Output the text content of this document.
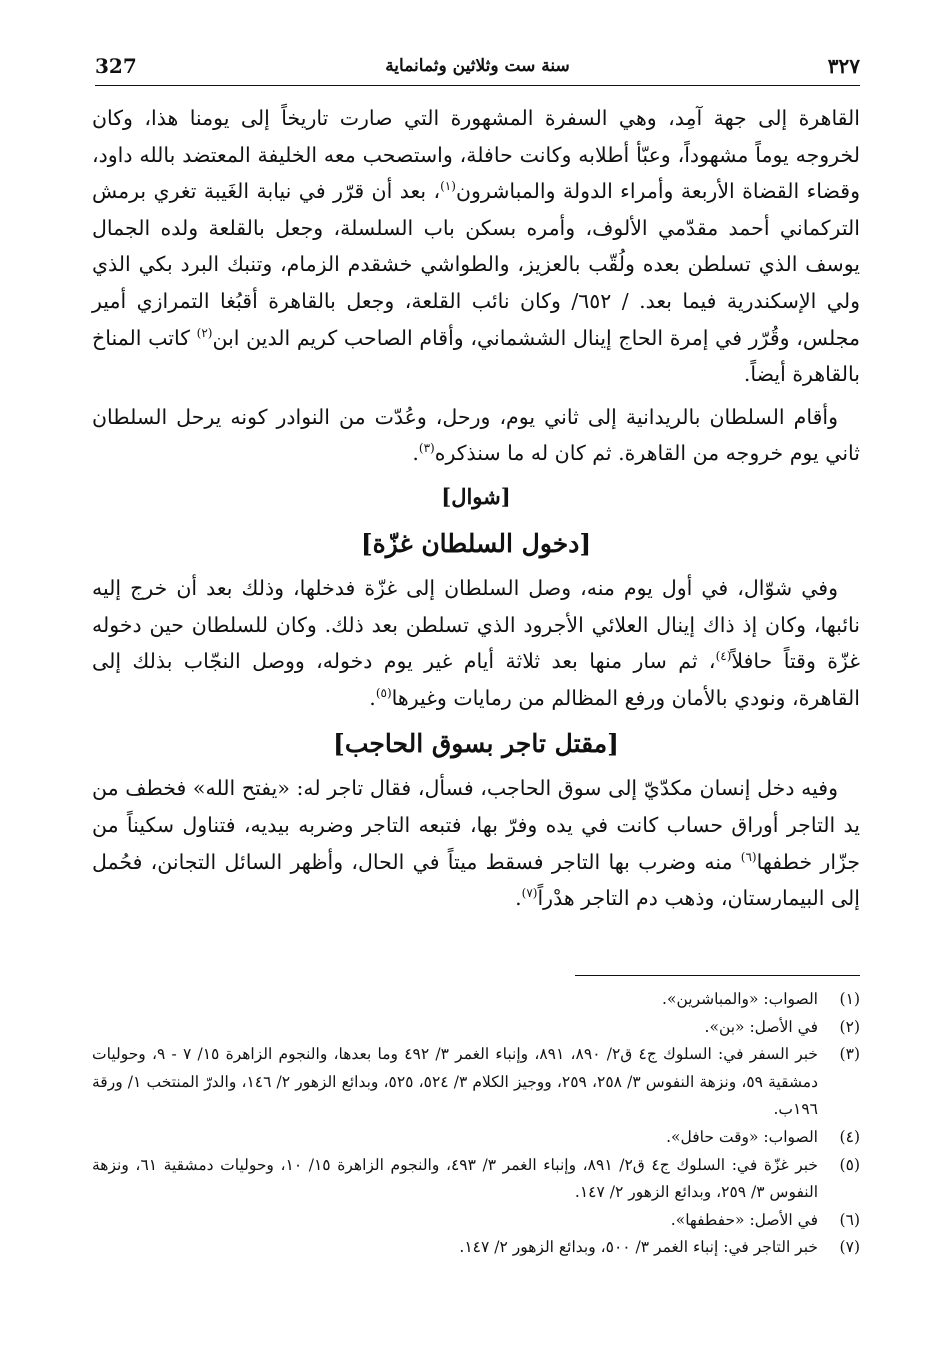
327	سنة ست وثلاثين وثمانماية	٣٢٧

القاهرة إلى جهة آمِد، وهي السفرة المشهورة التي صارت تاريخاً إلى يومنا هذا، وكان لخروجه يوماً مشهوداً، وعبّأ أطلابه وكانت حافلة، واستصحب معه الخليفة المعتضد بالله داود، وقضاء القضاة الأربعة وأمراء الدولة والمباشرون$^{(١)}$، بعد أن قرّر في نيابة الغَيبة تغري برمش التركماني أحمد مقدّمي الألوف، وأمره بسكن باب السلسلة، وجعل بالقلعة ولده الجمال يوسف الذي تسلطن بعده ولُقّب بالعزيز، والطواشي خشقدم الزمام، وتنبك البرد بكي الذي ولي الإسكندرية فيما بعد. / ٦٥٢/ وكان نائب القلعة، وجعل بالقاهرة أقبُغا التمرازي أمير مجلس، وقُرّر في إمرة الحاج إينال الششماني، وأقام الصاحب كريم الدين ابن$^{(٢)}$ كاتب المناخ بالقاهرة أيضاً.

وأقام السلطان بالريدانية إلى ثاني يوم، ورحل، وعُدّت من النوادر كونه يرحل السلطان ثاني يوم خروجه من القاهرة. ثم كان له ما سنذكره$^{(٣)}$.

[شوال]
[دخول السلطان غزّة]

وفي شوّال، في أول يوم منه، وصل السلطان إلى غزّة فدخلها، وذلك بعد أن خرج إليه نائبها، وكان إذ ذاك إينال العلائي الأجرود الذي تسلطن بعد ذلك. وكان للسلطان حين دخوله غزّة وقتاً حافلاً$^{(٤)}$، ثم سار منها بعد ثلاثة أيام غير يوم دخوله، ووصل النجّاب بذلك إلى القاهرة، ونودي بالأمان ورفع المظالم من رمايات وغيرها$^{(٥)}$.

[مقتل تاجر بسوق الحاجب]

وفيه دخل إنسان مكدّيّ إلى سوق الحاجب، فسأل، فقال تاجر له: «يفتح الله» فخطف من يد التاجر أوراق حساب كانت في يده وفرّ بها، فتبعه التاجر وضربه بيديه، فتناول سكيناً من جزّار خطفها$^{(٦)}$ منه وضرب بها التاجر فسقط ميتاً في الحال، وأظهر السائل التجانن، فحُمل إلى البيمارستان، وذهب دم التاجر هدْراً$^{(٧)}$.

(١)
الصواب: «والمباشرين».
(٢)
في الأصل: «بن».
(٣)
خبر السفر في: السلوك ج٤ ق٢/ ٨٩٠، ٨٩١، وإنباء الغمر ٣/ ٤٩٢ وما بعدها، والنجوم الزاهرة ١٥/ ٧ - ٩، وحوليات دمشقية ٥٩، ونزهة النفوس ٣/ ٢٥٨، ٢٥٩، ووجيز الكلام ٣/ ٥٢٤، ٥٢٥، وبدائع الزهور ٢/ ١٤٦، والدرّ المنتخب ١/ ورقة ١٩٦ب.
(٤)
الصواب: «وقت حافل».
(٥)
خبر غزّة في: السلوك ج٤ ق٢/ ٨٩١، وإنباء الغمر ٣/ ٤٩٣، والنجوم الزاهرة ١٥/ ١٠، وحوليات دمشقية ٦١، ونزهة النفوس ٣/ ٢٥٩، وبدائع الزهور ٢/ ١٤٧.
(٦)
في الأصل: «حفطفها».
(٧)
خبر التاجر في: إنباء الغمر ٣/ ٥٠٠، وبدائع الزهور ٢/ ١٤٧.
